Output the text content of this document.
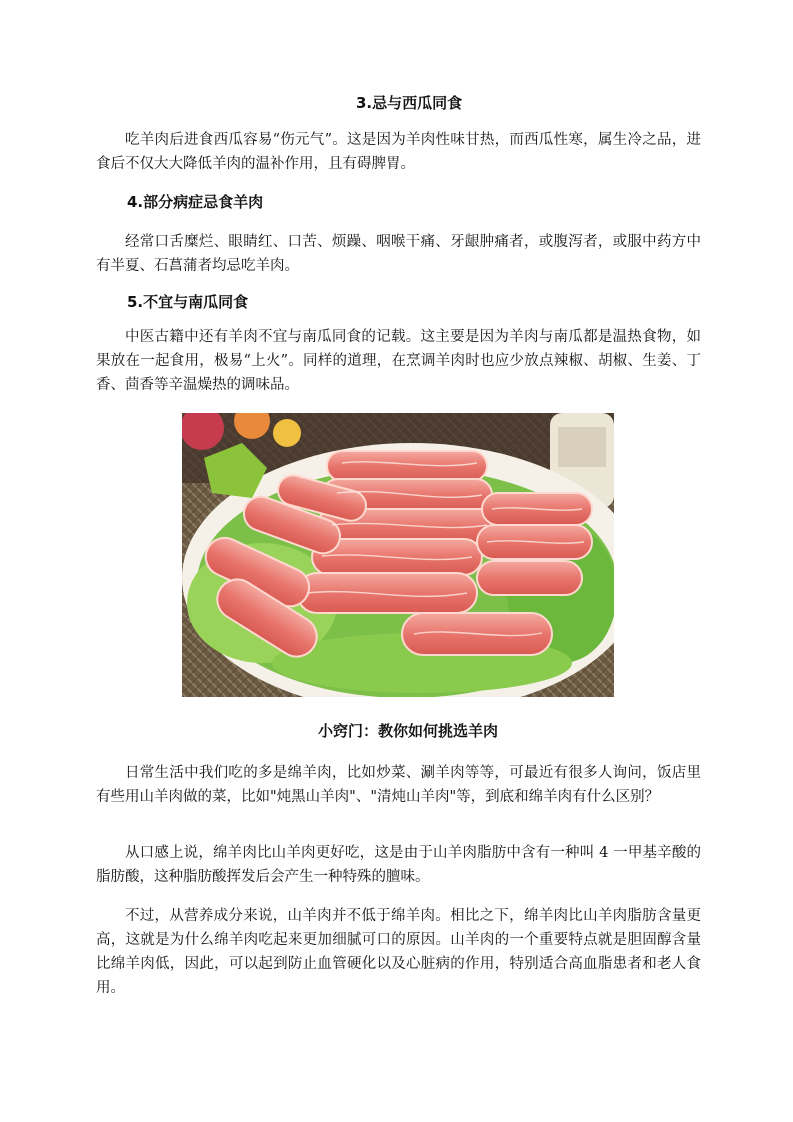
3.忌与西瓜同食

吃羊肉后进食西瓜容易“伤元气”。这是因为羊肉性味甘热，而西瓜性寒，属生冷之品，进食后不仅大大降低羊肉的温补作用，且有碍脾胃。

4.部分病症忌食羊肉

经常口舌糜烂、眼睛红、口苦、烦躁、咽喉干痛、牙龈肿痛者，或腹泻者，或服中药方中有半夏、石菖蒲者均忌吃羊肉。

5.不宜与南瓜同食

中医古籍中还有羊肉不宜与南瓜同食的记载。这主要是因为羊肉与南瓜都是温热食物，如果放在一起食用，极易“上火”。同样的道理，在烹调羊肉时也应少放点辣椒、胡椒、生姜、丁香、茴香等辛温燥热的调味品。

小窍门：教你如何挑选羊肉

日常生活中我们吃的多是绵羊肉，比如炒菜、涮羊肉等等，可最近有很多人询问，饭店里有些用山羊肉做的菜，比如"炖黑山羊肉"、"清炖山羊肉"等，到底和绵羊肉有什么区别？

从口感上说，绵羊肉比山羊肉更好吃，这是由于山羊肉脂肪中含有一种叫 4 一甲基辛酸的脂肪酸，这种脂肪酸挥发后会产生一种特殊的膻味。

不过，从营养成分来说，山羊肉并不低于绵羊肉。相比之下，绵羊肉比山羊肉脂肪含量更高，这就是为什么绵羊肉吃起来更加细腻可口的原因。山羊肉的一个重要特点就是胆固醇含量比绵羊肉低，因此，可以起到防止血管硬化以及心脏病的作用，特别适合高血脂患者和老人食用。
